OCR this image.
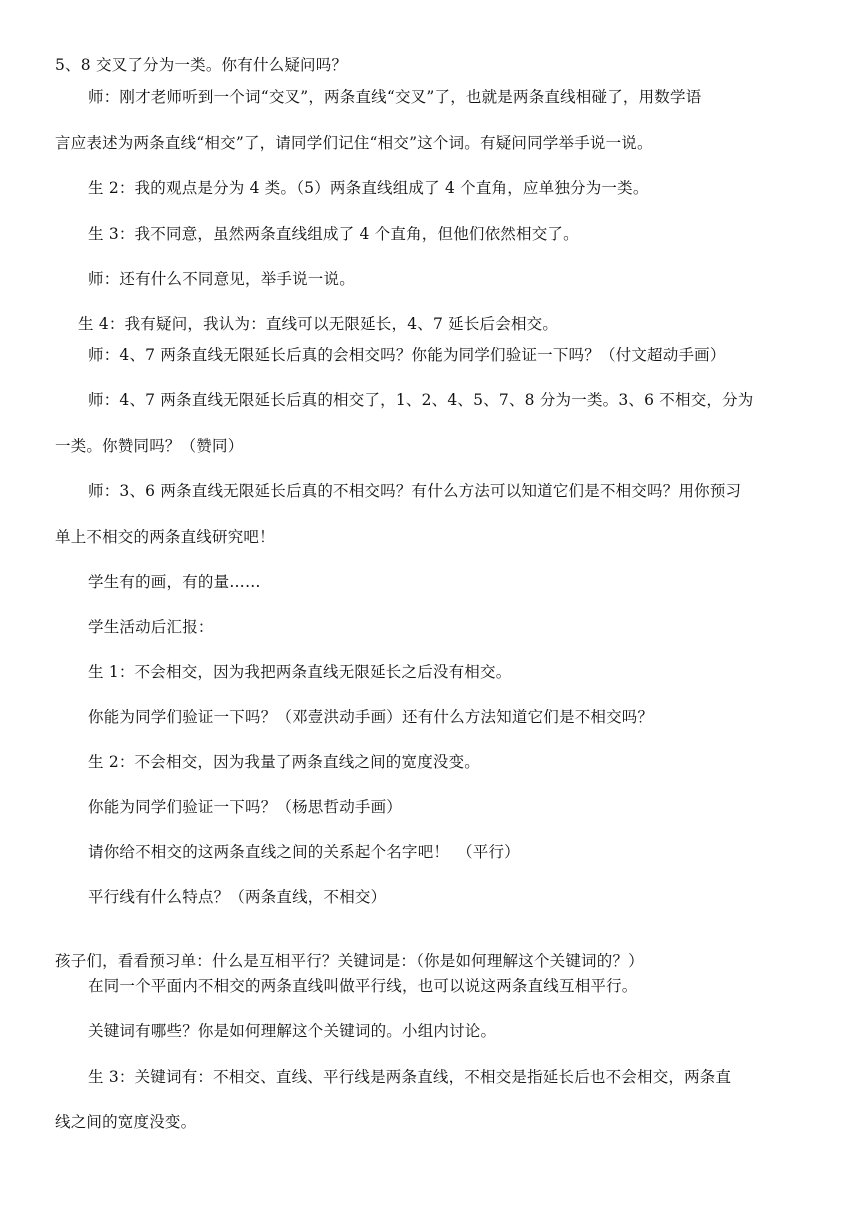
5、8 交叉了分为一类。你有什么疑问吗？
师：刚才老师听到一个词“交叉”，两条直线“交叉”了，也就是两条直线相碰了，用数学语
言应表述为两条直线“相交”了，请同学们记住“相交”这个词。有疑问同学举手说一说。
生 2：我的观点是分为 4 类。（5）两条直线组成了 4 个直角，应单独分为一类。
生 3：我不同意，虽然两条直线组成了 4 个直角，但他们依然相交了。
师：还有什么不同意见，举手说一说。
生 4：我有疑问，我认为：直线可以无限延长，4、7 延长后会相交。
师：4、7 两条直线无限延长后真的会相交吗？你能为同学们验证一下吗？（付文超动手画）
师：4、7 两条直线无限延长后真的相交了，1、2、4、5、7、8 分为一类。3、6 不相交，分为
一类。你赞同吗？（赞同）
师：3、6 两条直线无限延长后真的不相交吗？有什么方法可以知道它们是不相交吗？用你预习
单上不相交的两条直线研究吧！
学生有的画，有的量……
学生活动后汇报：
生 1：不会相交，因为我把两条直线无限延长之后没有相交。
你能为同学们验证一下吗？（邓壹洪动手画）还有什么方法知道它们是不相交吗？
生 2：不会相交，因为我量了两条直线之间的宽度没变。
你能为同学们验证一下吗？（杨思哲动手画）
请你给不相交的这两条直线之间的关系起个名字吧！　（平行）
平行线有什么特点？（两条直线，不相交）
孩子们，看看预习单：什么是互相平行？关键词是：（你是如何理解这个关键词的？）
在同一个平面内不相交的两条直线叫做平行线，也可以说这两条直线互相平行。
关键词有哪些？你是如何理解这个关键词的。小组内讨论。
生 3：关键词有：不相交、直线、平行线是两条直线，不相交是指延长后也不会相交，两条直
线之间的宽度没变。
